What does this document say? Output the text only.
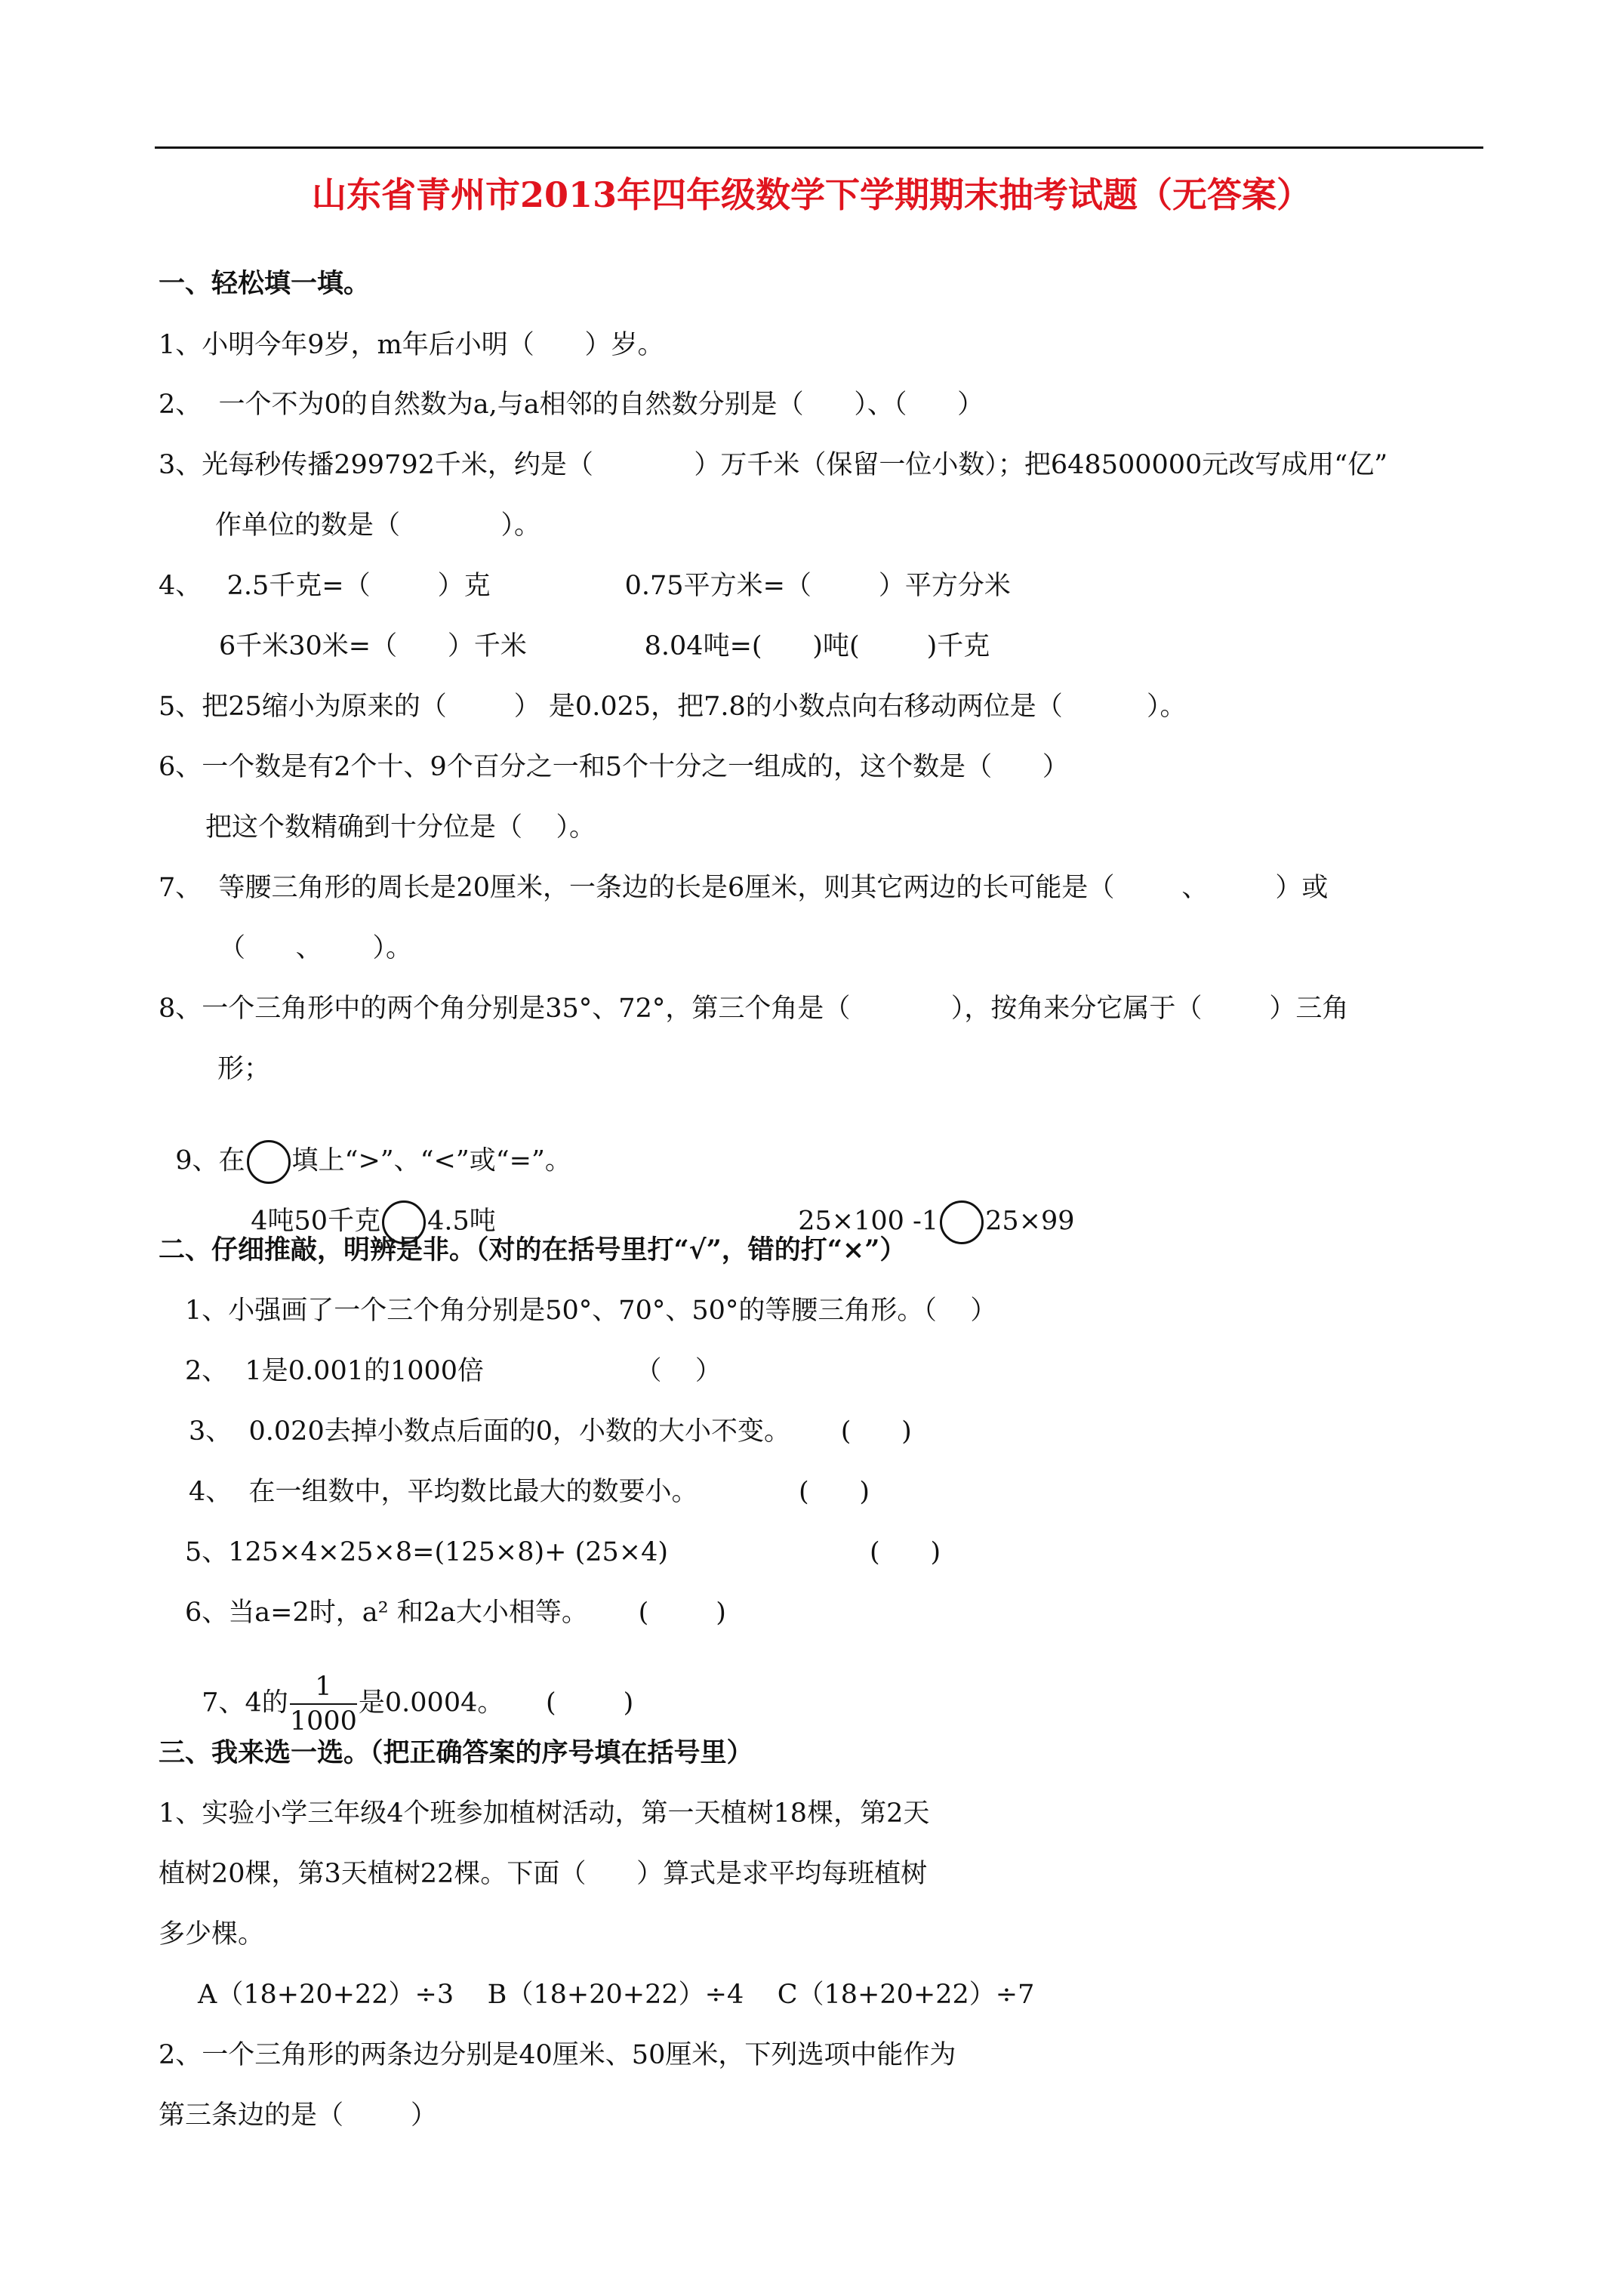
山东省青州市2013年四年级数学下学期期末抽考试题（无答案）
一、轻松填一填。
1、小明今年9岁，m年后小明（      ）岁。
2、  一个不为0的自然数为a,与a相邻的自然数分别是（      ）、（      ）
3、光每秒传播299792千米，约是（            ）万千米（保留一位小数）；把648500000元改写成用“亿”
作单位的数是（            ）。
4、   2.5千克=（        ）克                0.75平方米=（        ）平方分米
6千米30米=（      ）千米              8.04吨=(      )吨(        )千克
5、把25缩小为原来的（        ） 是0.025，把7.8的小数点向右移动两位是（          ）。
6、一个数是有2个十、9个百分之一和5个十分之一组成的，这个数是（      ）
把这个数精确到十分位是（    ）。
7、  等腰三角形的周长是20厘米，一条边的长是6厘米，则其它两边的长可能是（        、        ）或
（      、      ）。
8、一个三角形中的两个角分别是35°、72°，第三个角是（            ），按角来分它属于（        ）三角
形；

9、在 填上“>”、“<”或“=”。

4吨50千克 4.5吨	25×100 -1 25×99

二、仔细推敲，明辨是非。（对的在括号里打“√”，错的打“×”）
1、小强画了一个三个角分别是50°、70°、50°的等腰三角形。（    ）
2、  1是0.001的1000倍                  （    ）
3、  0.020去掉小数点后面的0，小数的大小不变。      (      )
4、  在一组数中，平均数比最大的数要小。            (      )
5、125×4×25×8=(125×8)+ (25×4)                        (      )
6、当a=2时，a² 和2a大小相等。      (        )

7、4的 $\frac{1}{1000}$ 是0.0004。     (        )

三、我来选一选。（把正确答案的序号填在括号里）
1、实验小学三年级4个班参加植树活动，第一天植树18棵，第2天
植树20棵，第3天植树22棵。下面（      ）算式是求平均每班植树
多少棵。
A（18+20+22）÷3    B（18+20+22）÷4    C（18+20+22）÷7
2、一个三角形的两条边分别是40厘米、50厘米，下列选项中能作为
第三条边的是（        ）
